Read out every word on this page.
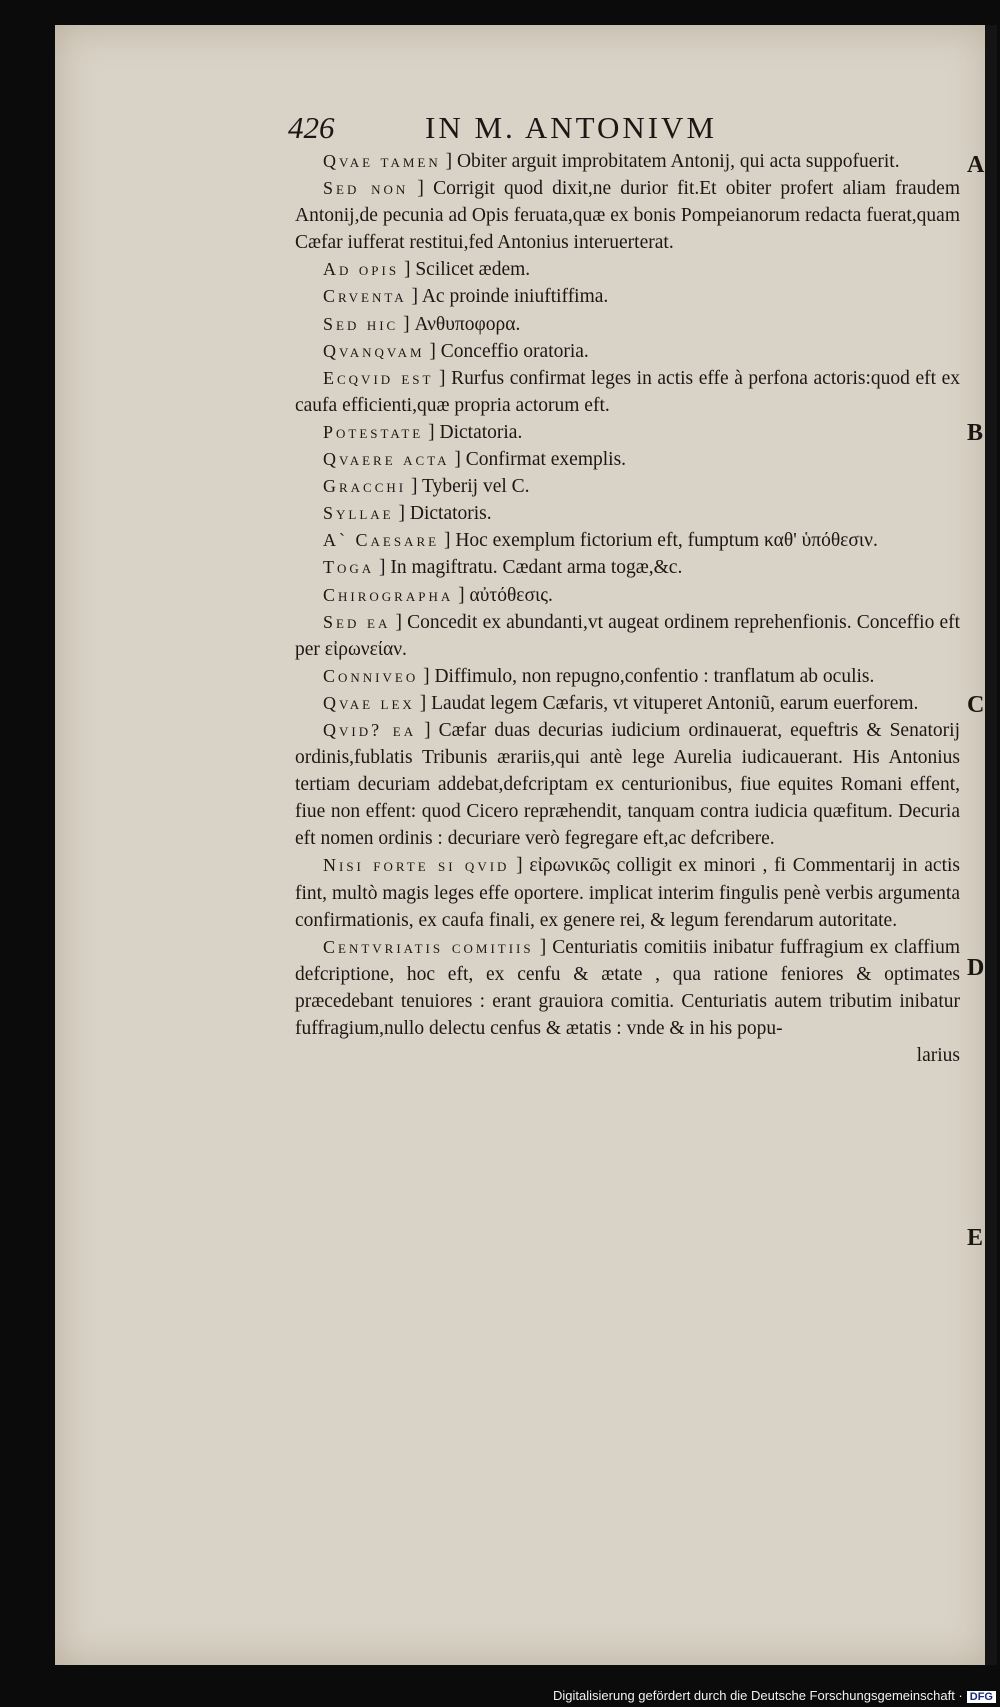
426	IN M. ANTONIVM

Qvae tamen ] Obiter arguit improbitatem Antonij, qui acta suppofuerit.

Sed non ] Corrigit quod dixit,ne durior fit.Et obiter profert aliam fraudem Antonij,de pecunia ad Opis feruata,quæ ex bonis Pompeianorum redacta fuerat,quam Cæfar iufferat restitui,fed Antonius interuerterat.

Ad opis ] Scilicet ædem.

Crventa ] Ac proinde iniuftiffima.

Sed hic ] Ανθυποφορα.

Qvanqvam ] Conceffio oratoria.

Ecqvid est ] Rurfus confirmat leges in actis effe à perfona actoris:quod eft ex caufa efficienti,quæ propria actorum eft.

Potestate ] Dictatoria.

Qvaere acta ] Confirmat exemplis.

Gracchi ] Tyberij vel C.

Syllae ] Dictatoris.

A` Caesare ] Hoc exemplum fictorium eft, fumptum καθ' ὑπόθεσιν.

Toga ] In magiftratu. Cædant arma togæ,&c.

Chirographa ] αὐτόθεσις.

Sed ea ] Concedit ex abundanti,vt augeat ordinem reprehenfionis. Conceffio eft per εἰρωνείαν.

Conniveo ] Diffimulo, non repugno,confentio : tranflatum ab oculis.

Qvae lex ] Laudat legem Cæfaris, vt vituperet Antoniũ, earum euerforem.

Qvid? ea ] Cæfar duas decurias iudicium ordinauerat, equeftris & Senatorij ordinis,fublatis Tribunis ærariis,qui antè lege Aurelia iudicauerant. His Antonius tertiam decuriam addebat,defcriptam ex centurionibus, fiue equites Romani effent, fiue non effent: quod Cicero repræhendit, tanquam contra iudicia quæfitum. Decuria eft nomen ordinis : decuriare verò fegregare eft,ac defcribere.

Nisi forte si qvid ] εἰρωνικῶς colligit ex minori , fi Commentarij in actis fint, multò magis leges effe oportere. implicat interim fingulis penè verbis argumenta confirmationis, ex caufa finali, ex genere rei, & legum ferendarum autoritate.

Centvriatis comitiis ] Centuriatis comitiis inibatur fuffragium ex claffium defcriptione, hoc eft, ex cenfu & ætate , qua ratione feniores & optimates præcedebant tenuiores : erant grauiora comitia. Centuriatis autem tributim inibatur fuffragium,nullo delectu cenfus & ætatis : vnde & in his popu-

larius

A
B
C
D
E
Digitalisierung gefördert durch die Deutsche Forschungsgemeinschaft · DFG
